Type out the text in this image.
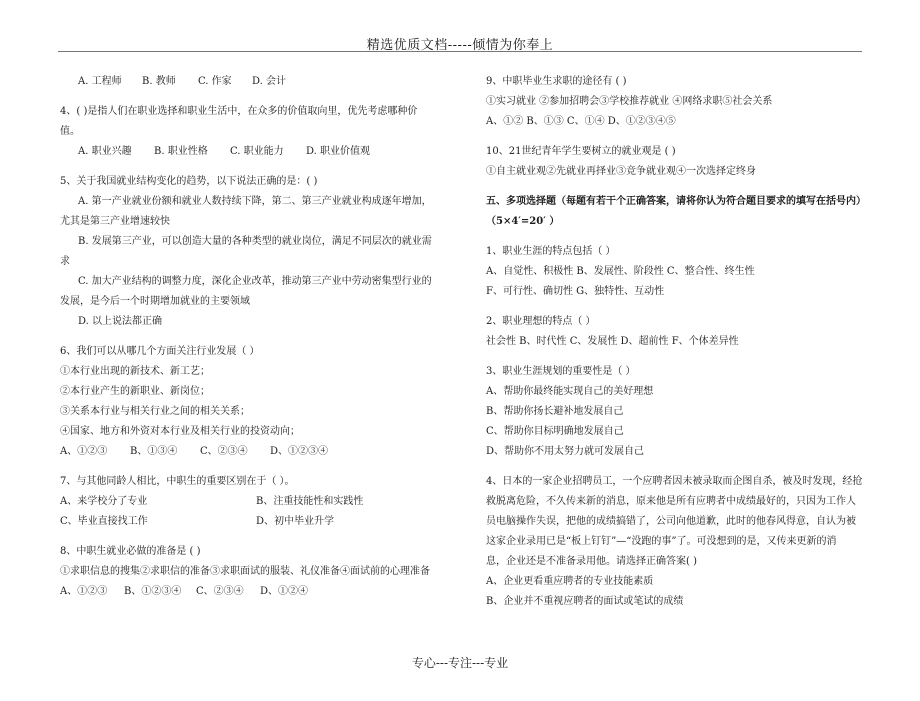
精选优质文档-----倾情为你奉上
A. 工程师	B. 教师	C. 作家	D. 会计
4、( )是指人们在职业选择和职业生活中，在众多的价值取向里，优先考虑哪种价
值。
A. 职业兴趣	B. 职业性格	C. 职业能力	D. 职业价值观
5、关于我国就业结构变化的趋势，以下说法正确的是：( )
A. 第一产业就业份额和就业人数持续下降，第二、第三产业就业构成逐年增加，
尤其是第三产业增速较快
B. 发展第三产业，可以创造大量的各种类型的就业岗位，满足不同层次的就业需
求
C. 加大产业结构的调整力度，深化企业改革，推动第三产业中劳动密集型行业的
发展，是今后一个时期增加就业的主要领域
D. 以上说法都正确
6、我们可以从哪几个方面关注行业发展（ ）
①本行业出现的新技术、新工艺；
②本行业产生的新职业、新岗位；
③关系本行业与相关行业之间的相关关系；
④国家、地方和外资对本行业及相关行业的投资动向；
A、①②③	B、①③④	C、②③④	D、①②③④
7、与其他同龄人相比，中职生的重要区别在于（ ）。
A、来学校分了专业	B、注重技能性和实践性
C、毕业直接找工作	D、初中毕业升学
8、中职生就业必做的准备是 ( )
①求职信息的搜集②求职信的准备③求职面试的服装、礼仪准备④面试前的心理准备
A、①②③	B、①②③④	C、②③④	D、①②④
9、中职毕业生求职的途径有 ( )
①实习就业 ②参加招聘会③学校推荐就业 ④网络求职⑤社会关系
A、①② B、①③ C、①④ D、①②③④⑤
10、21世纪青年学生要树立的就业观是 ( )
①自主就业观②先就业再择业③竞争就业观④一次选择定终身
五、多项选择题（每题有若干个正确答案，请将你认为符合题目要求的填写在括号内）
（5×4′=20′ ）
1、职业生涯的特点包括（ ）
A、自觉性、积极性 B、发展性、阶段性 C、整合性、终生性
F、可行性、确切性 G、独特性、互动性
2、职业理想的特点（ ）
社会性 B、时代性 C、发展性 D、超前性 F、个体差异性
3、职业生涯规划的重要性是（ ）
A、帮助你最终能实现自己的美好理想
B、帮助你扬长避补地发展自己
C、帮助你目标明确地发展自己
D、帮助你不用太努力就可发展自己
4、日本的一家企业招聘员工，一个应聘者因未被录取而企图自杀，被及时发现，经抢
救脱离危险，不久传来新的消息，原来他是所有应聘者中成绩最好的，只因为工作人
员电脑操作失误，把他的成绩搞错了，公司向他道歉，此时的他春风得意，自认为被
这家企业录用已是“板上钉钉”—“没跑的事”了。可没想到的是，又传来更新的消
息，企业还是不准备录用他。请选择正确答案( )
A、企业更看重应聘者的专业技能素质
B、企业并不重视应聘者的面试或笔试的成绩
专心---专注---专业
